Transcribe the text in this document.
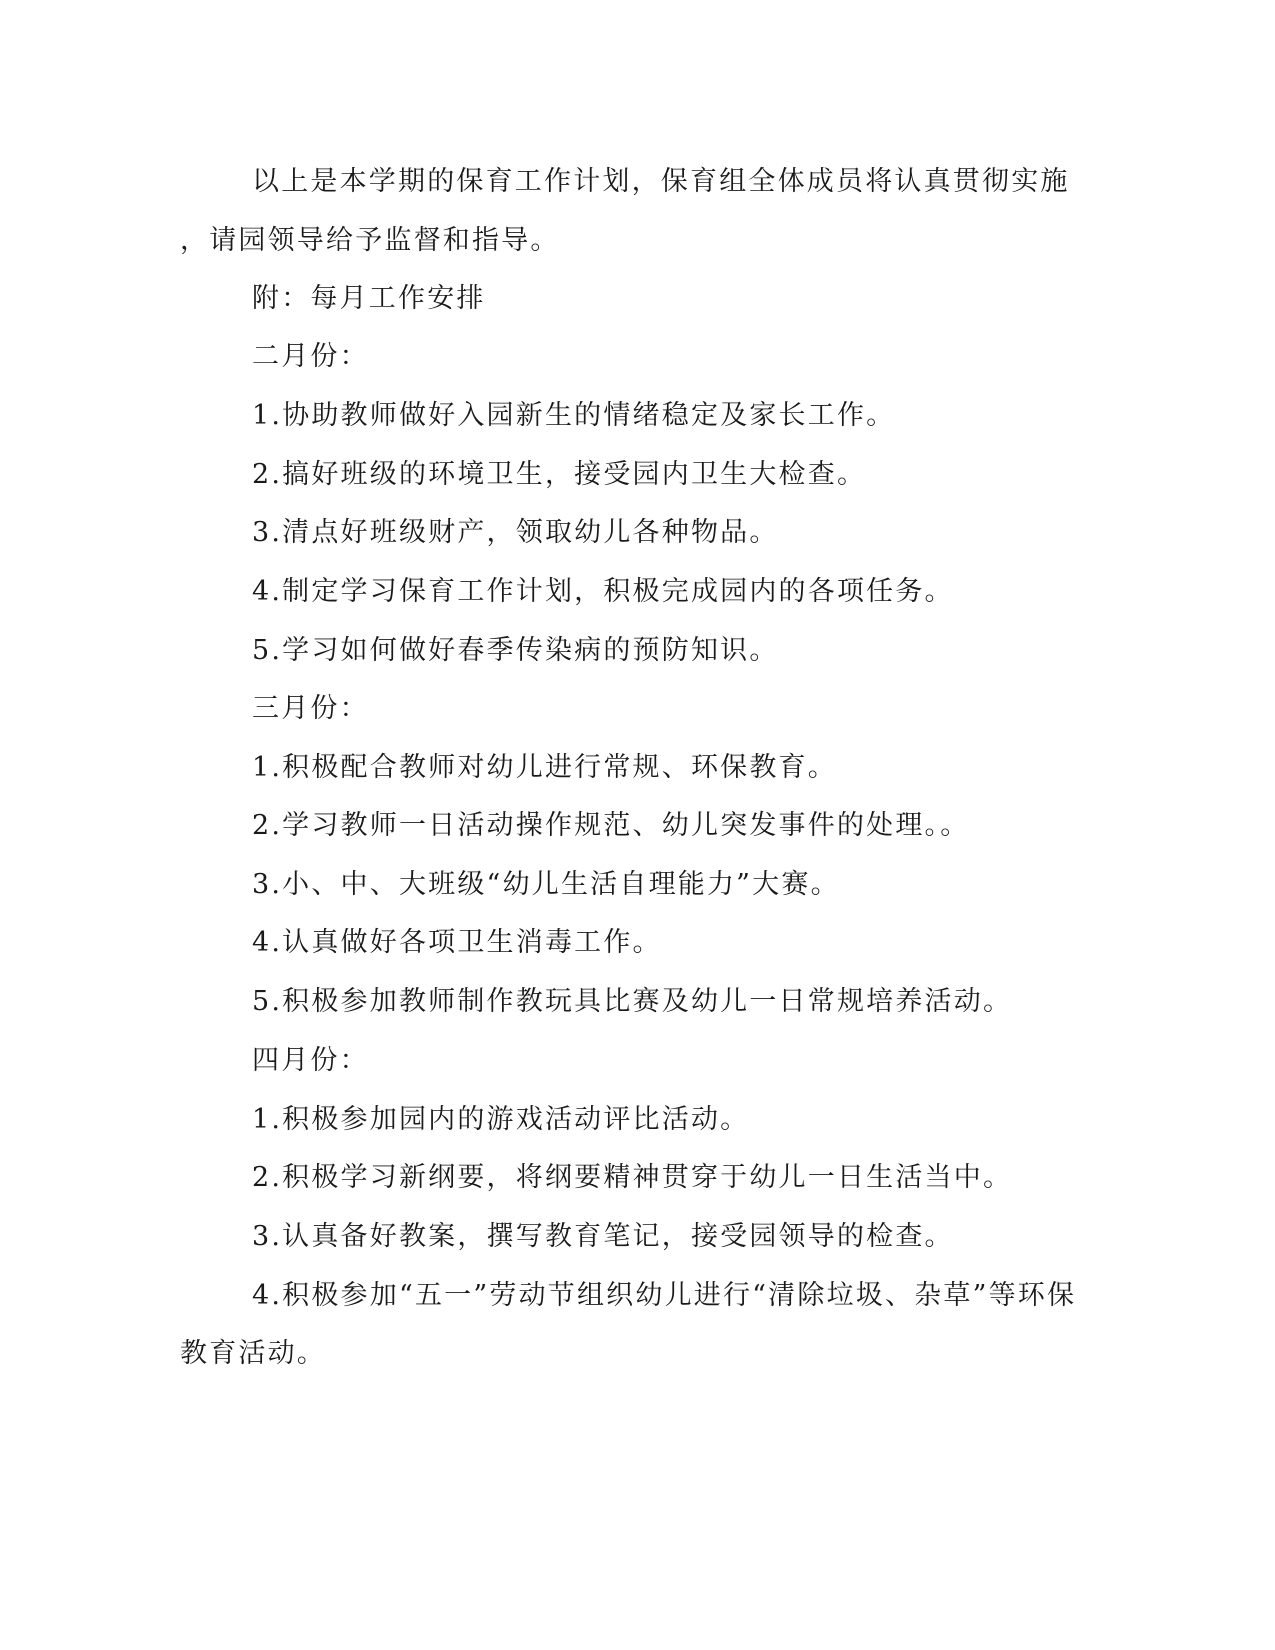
以上是本学期的保育工作计划，保育组全体成员将认真贯彻实施
，请园领导给予监督和指导。
附：每月工作安排
二月份：
1.协助教师做好入园新生的情绪稳定及家长工作。
2.搞好班级的环境卫生，接受园内卫生大检查。
3.清点好班级财产，领取幼儿各种物品。
4.制定学习保育工作计划，积极完成园内的各项任务。
5.学习如何做好春季传染病的预防知识。
三月份：
1.积极配合教师对幼儿进行常规、环保教育。
2.学习教师一日活动操作规范、幼儿突发事件的处理。。
3.小、中、大班级“幼儿生活自理能力”大赛。
4.认真做好各项卫生消毒工作。
5.积极参加教师制作教玩具比赛及幼儿一日常规培养活动。
四月份：
1.积极参加园内的游戏活动评比活动。
2.积极学习新纲要，将纲要精神贯穿于幼儿一日生活当中。
3.认真备好教案，撰写教育笔记，接受园领导的检查。
4.积极参加“五一”劳动节组织幼儿进行“清除垃圾、杂草”等环保
教育活动。
